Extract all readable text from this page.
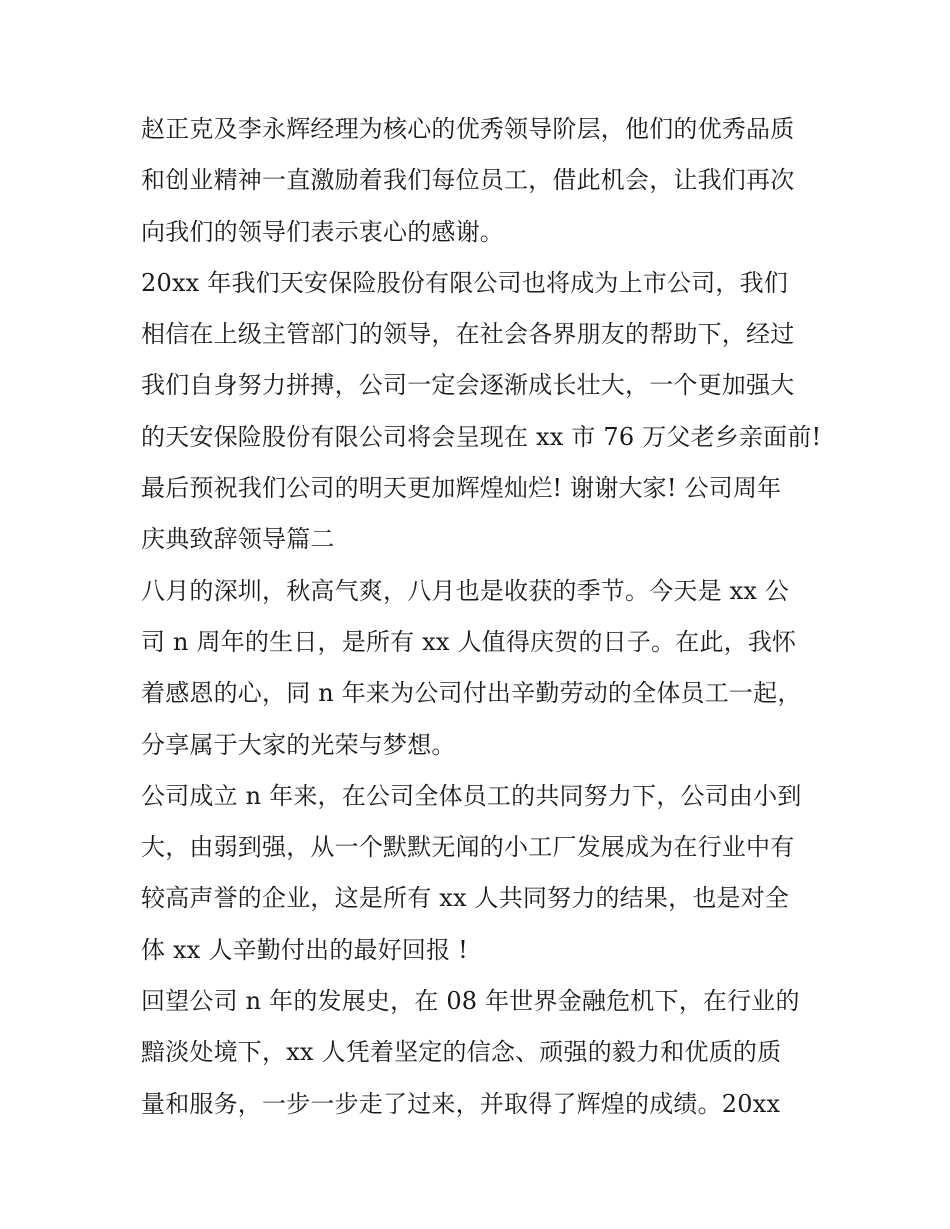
赵正克及李永辉经理为核心的优秀领导阶层，他们的优秀品质
和创业精神一直激励着我们每位员工，借此机会，让我们再次
向我们的领导们表示衷心的感谢。
20xx 年我们天安保险股份有限公司也将成为上市公司，我们
相信在上级主管部门的领导，在社会各界朋友的帮助下，经过
我们自身努力拼搏，公司一定会逐渐成长壮大，一个更加强大
的天安保险股份有限公司将会呈现在 xx 市 76 万父老乡亲面前!
最后预祝我们公司的明天更加辉煌灿烂! 谢谢大家! 公司周年
庆典致辞领导篇二
八月的深圳，秋高气爽，八月也是收获的季节。今天是 xx 公
司 n 周年的生日，是所有 xx 人值得庆贺的日子。在此，我怀
着感恩的心，同 n 年来为公司付出辛勤劳动的全体员工一起，
分享属于大家的光荣与梦想。
公司成立 n 年来，在公司全体员工的共同努力下，公司由小到
大，由弱到强，从一个默默无闻的小工厂发展成为在行业中有
较高声誉的企业，这是所有 xx 人共同努力的结果，也是对全
体 xx 人辛勤付出的最好回报 !
回望公司 n 年的发展史，在 08 年世界金融危机下，在行业的
黯淡处境下，xx 人凭着坚定的信念、顽强的毅力和优质的质
量和服务，一步一步走了过来，并取得了辉煌的成绩。20xx
